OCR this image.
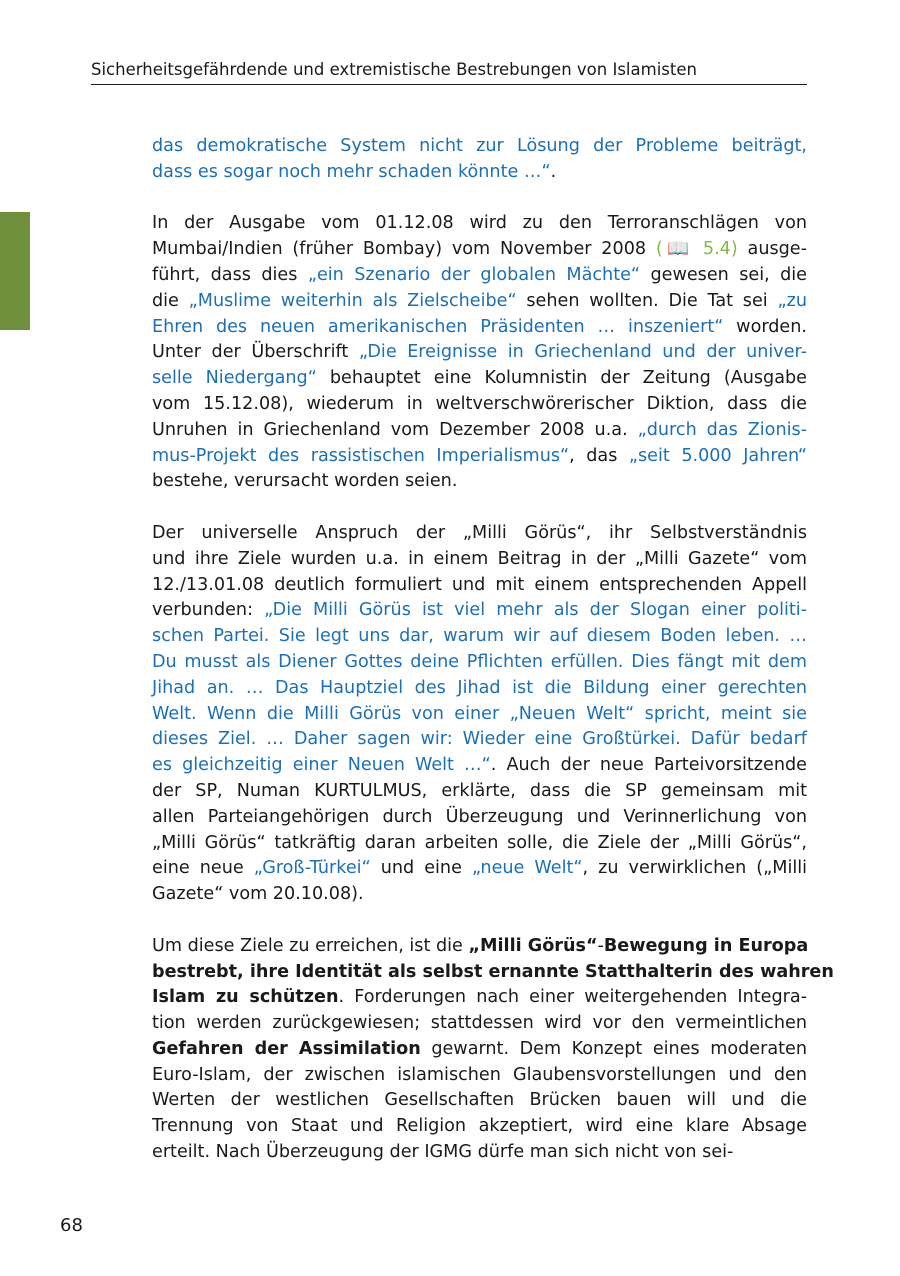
Sicherheitsgefährdende und extremistische Bestrebungen von Islamisten
das demokratische System nicht zur Lösung der Probleme beiträgt,
dass es sogar noch mehr schaden könnte …“.
In der Ausgabe vom 01.12.08 wird zu den Terroranschlägen von
Mumbai/Indien (früher Bombay) vom November 2008 (📖 5.4) ausge-
führt, dass dies „ein Szenario der globalen Mächte“ gewesen sei, die
die „Muslime weiterhin als Zielscheibe“ sehen wollten. Die Tat sei „zu
Ehren des neuen amerikanischen Präsidenten … inszeniert“ worden.
Unter der Überschrift „Die Ereignisse in Griechenland und der univer-
selle Niedergang“ behauptet eine Kolumnistin der Zeitung (Ausgabe
vom 15.12.08), wiederum in weltverschwörerischer Diktion, dass die
Unruhen in Griechenland vom Dezember 2008 u.a. „durch das Zionis-
mus-Projekt des rassistischen Imperialismus“, das „seit 5.000 Jahren“
bestehe, verursacht worden seien.
Der universelle Anspruch der „Milli Görüs“, ihr Selbstverständnis
und ihre Ziele wurden u.a. in einem Beitrag in der „Milli Gazete“ vom
12./13.01.08 deutlich formuliert und mit einem entsprechenden Appell
verbunden: „Die Milli Görüs ist viel mehr als der Slogan einer politi-
schen Partei. Sie legt uns dar, warum wir auf diesem Boden leben. …
Du musst als Diener Gottes deine Pflichten erfüllen. Dies fängt mit dem
Jihad an. … Das Hauptziel des Jihad ist die Bildung einer gerechten
Welt. Wenn die Milli Görüs von einer „Neuen Welt“ spricht, meint sie
dieses Ziel. … Daher sagen wir: Wieder eine Großtürkei. Dafür bedarf
es gleichzeitig einer Neuen Welt …“. Auch der neue Parteivorsitzende
der SP, Numan KURTULMUS, erklärte, dass die SP gemeinsam mit
allen Parteiangehörigen durch Überzeugung und Verinnerlichung von
„Milli Görüs“ tatkräftig daran arbeiten solle, die Ziele der „Milli Görüs“,
eine neue „Groß-Türkei“ und eine „neue Welt“, zu verwirklichen („Milli
Gazete“ vom 20.10.08).
Um diese Ziele zu erreichen, ist die „Milli Görüs“-Bewegung in Europa
bestrebt, ihre Identität als selbst ernannte Statthalterin des wahren
Islam zu schützen. Forderungen nach einer weitergehenden Integra-
tion werden zurückgewiesen; stattdessen wird vor den vermeintlichen
Gefahren der Assimilation gewarnt. Dem Konzept eines moderaten
Euro-Islam, der zwischen islamischen Glaubensvorstellungen und den
Werten der westlichen Gesellschaften Brücken bauen will und die
Trennung von Staat und Religion akzeptiert, wird eine klare Absage
erteilt. Nach Überzeugung der IGMG dürfe man sich nicht von sei-
68
